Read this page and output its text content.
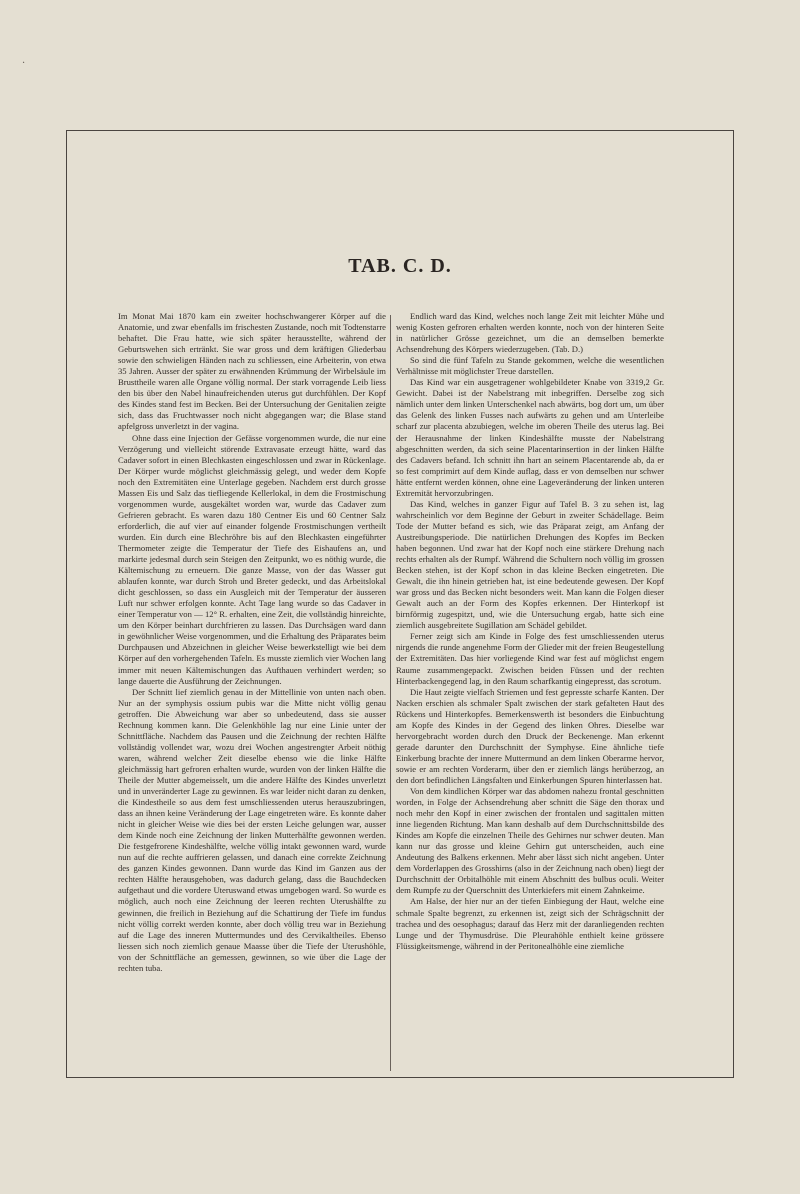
·
TAB. C. D.

Im Monat Mai 1870 kam ein zweiter hochschwangerer Körper auf die Anatomie, und zwar ebenfalls im frischesten Zustande, noch mit Todtenstarre behaftet. Die Frau hatte, wie sich später herausstellte, während der Geburtswehen sich ertränkt. Sie war gross und dem kräftigen Gliederbau sowie den schwieligen Händen nach zu schliessen, eine Arbeiterin, von etwa 35 Jahren. Ausser der später zu erwähnenden Krümmung der Wirbelsäule im Brusttheile waren alle Organe völlig normal. Der stark vorragende Leib liess den bis über den Nabel hinaufreichenden uterus gut durchfühlen. Der Kopf des Kindes stand fest im Becken. Bei der Untersuchung der Genitalien zeigte sich, dass das Fruchtwasser noch nicht abgegangen war; die Blase stand apfelgross unverletzt in der vagina.

Ohne dass eine Injection der Gefässe vorgenommen wurde, die nur eine Verzögerung und vielleicht störende Extravasate erzeugt hätte, ward das Cadaver sofort in einen Blechkasten eingeschlossen und zwar in Rückenlage. Der Körper wurde möglichst gleichmässig gelegt, und weder dem Kopfe noch den Extremitäten eine Unterlage gegeben. Nachdem erst durch grosse Massen Eis und Salz das tiefliegende Kellerlokal, in dem die Frostmischung vorgenommen wurde, ausgekältet worden war, wurde das Cadaver zum Gefrieren gebracht. Es waren dazu 180 Centner Eis und 60 Centner Salz erforderlich, die auf vier auf einander folgende Frostmischungen vertheilt wurden. Ein durch eine Blechröhre bis auf den Blechkasten eingeführter Thermometer zeigte die Temperatur der Tiefe des Eishaufens an, und markirte jedesmal durch sein Steigen den Zeitpunkt, wo es nöthig wurde, die Kältemischung zu erneuern. Die ganze Masse, von der das Wasser gut ablaufen konnte, war durch Stroh und Breter gedeckt, und das Arbeitslokal dicht geschlossen, so dass ein Ausgleich mit der Temperatur der äusseren Luft nur schwer erfolgen konnte. Acht Tage lang wurde so das Cadaver in einer Temperatur von — 12° R. erhalten, eine Zeit, die vollständig hinreichte, um den Körper beinhart durchfrieren zu lassen. Das Durchsägen ward dann in gewöhnlicher Weise vorgenommen, und die Erhaltung des Präparates beim Durchpausen und Abzeichnen in gleicher Weise bewerkstelligt wie bei dem Körper auf den vorhergehenden Tafeln. Es musste ziemlich vier Wochen lang immer mit neuen Kältemischungen das Aufthauen verhindert werden; so lange dauerte die Ausführung der Zeichnungen.

Der Schnitt lief ziemlich genau in der Mittellinie von unten nach oben. Nur an der symphysis ossium pubis war die Mitte nicht völlig genau getroffen. Die Abweichung war aber so unbedeutend, dass sie ausser Rechnung kommen kann. Die Gelenkhöhle lag nur eine Linie unter der Schnittfläche. Nachdem das Pausen und die Zeichnung der rechten Hälfte vollständig vollendet war, wozu drei Wochen angestrengter Arbeit nöthig waren, während welcher Zeit dieselbe ebenso wie die linke Hälfte gleichmässig hart gefroren erhalten wurde, wurden von der linken Hälfte die Theile der Mutter abgemeisselt, um die andere Hälfte des Kindes unverletzt und in unveränderter Lage zu gewinnen. Es war leider nicht daran zu denken, die Kindestheile so aus dem fest umschliessenden uterus herauszubringen, dass an ihnen keine Veränderung der Lage eingetreten wäre. Es konnte daher nicht in gleicher Weise wie dies bei der ersten Leiche gelungen war, ausser dem Kinde noch eine Zeichnung der linken Mutterhälfte gewonnen werden. Die festgefrorene Kindeshälfte, welche völlig intakt gewonnen ward, wurde nun auf die rechte auffrieren gelassen, und danach eine correkte Zeichnung des ganzen Kindes gewonnen. Dann wurde das Kind im Ganzen aus der rechten Hälfte herausgehoben, was dadurch gelang, dass die Bauchdecken aufgethaut und die vordere Uteruswand etwas umgebogen ward. So wurde es möglich, auch noch eine Zeichnung der leeren rechten Uterushälfte zu gewinnen, die freilich in Beziehung auf die Schattirung der Tiefe im fundus nicht völlig correkt werden konnte, aber doch völlig treu war in Beziehung auf die Lage des inneren Muttermundes und des Cervikaltheiles. Ebenso liessen sich noch ziemlich genaue Maasse über die Tiefe der Uterushöhle, von der Schnittfläche an gemessen, gewinnen, so wie über die Lage der rechten tuba.

Endlich ward das Kind, welches noch lange Zeit mit leichter Mühe und wenig Kosten gefroren erhalten werden konnte, noch von der hinteren Seite in natürlicher Grösse gezeichnet, um die an demselben bemerkte Achsendrehung des Körpers wiederzugeben. (Tab. D.)

So sind die fünf Tafeln zu Stande gekommen, welche die wesentlichen Verhältnisse mit möglichster Treue darstellen.

Das Kind war ein ausgetragener wohlgebildeter Knabe von 3319,2 Gr. Gewicht. Dabei ist der Nabelstrang mit inbegriffen. Derselbe zog sich nämlich unter dem linken Unterschenkel nach abwärts, bog dort um, um über das Gelenk des linken Fusses nach aufwärts zu gehen und am Unterleibe scharf zur placenta abzubiegen, welche im oberen Theile des uterus lag. Bei der Herausnahme der linken Kindeshälfte musste der Nabelstrang abgeschnitten werden, da sich seine Placentarinsertion in der linken Hälfte des Cadavers befand. Ich schnitt ihn hart an seinem Placentarende ab, da er so fest comprimirt auf dem Kinde auflag, dass er von demselben nur schwer hätte entfernt werden können, ohne eine Lageveränderung der linken unteren Extremität hervorzubringen.

Das Kind, welches in ganzer Figur auf Tafel B. 3 zu sehen ist, lag wahrscheinlich vor dem Beginne der Geburt in zweiter Schädellage. Beim Tode der Mutter befand es sich, wie das Präparat zeigt, am Anfang der Austreibungsperiode. Die natürlichen Drehungen des Kopfes im Becken haben begonnen. Und zwar hat der Kopf noch eine stärkere Drehung nach rechts erhalten als der Rumpf. Während die Schultern noch völlig im grossen Becken stehen, ist der Kopf schon in das kleine Becken eingetreten. Die Gewalt, die ihn hinein getrieben hat, ist eine bedeutende gewesen. Der Kopf war gross und das Becken nicht besonders weit. Man kann die Folgen dieser Gewalt auch an der Form des Kopfes erkennen. Der Hinterkopf ist birnförmig zugespitzt, und, wie die Untersuchung ergab, hatte sich eine ziemlich ausgebreitete Sugillation am Schädel gebildet.

Ferner zeigt sich am Kinde in Folge des fest umschliessenden uterus nirgends die runde angenehme Form der Glieder mit der freien Beugestellung der Extremitäten. Das hier vorliegende Kind war fest auf möglichst engem Raume zusammengepackt. Zwischen beiden Füssen und der rechten Hinterbackengegend lag, in den Raum scharfkantig eingepresst, das scrotum.

Die Haut zeigte vielfach Striemen und fest gepresste scharfe Kanten. Der Nacken erschien als schmaler Spalt zwischen der stark gefalteten Haut des Rückens und Hinterkopfes. Bemerkenswerth ist besonders die Einbuchtung am Kopfe des Kindes in der Gegend des linken Ohres. Dieselbe war hervorgebracht worden durch den Druck der Beckenenge. Man erkennt gerade darunter den Durchschnitt der Symphyse. Eine ähnliche tiefe Einkerbung brachte der innere Muttermund an dem linken Oberarme hervor, sowie er am rechten Vorderarm, über den er ziemlich längs herüberzog, an den dort befindlichen Längsfalten und Einkerbungen Spuren hinterlassen hat.

Von dem kindlichen Körper war das abdomen nahezu frontal geschnitten worden, in Folge der Achsendrehung aber schnitt die Säge den thorax und noch mehr den Kopf in einer zwischen der frontalen und sagittalen mitten inne liegenden Richtung. Man kann deshalb auf dem Durchschnittsbilde des Kindes am Kopfe die einzelnen Theile des Gehirnes nur schwer deuten. Man kann nur das grosse und kleine Gehirn gut unterscheiden, auch eine Andeutung des Balkens erkennen. Mehr aber lässt sich nicht angeben. Unter dem Vorderlappen des Grosshirns (also in der Zeichnung nach oben) liegt der Durchschnitt der Orbitalhöhle mit einem Abschnitt des bulbus oculi. Weiter dem Rumpfe zu der Querschnitt des Unterkiefers mit einem Zahnkeime.

Am Halse, der hier nur an der tiefen Einbiegung der Haut, welche eine schmale Spalte begrenzt, zu erkennen ist, zeigt sich der Schrägschnitt der trachea und des oesophagus; darauf das Herz mit der daranliegenden rechten Lunge und der Thymusdrüse. Die Pleurahöhle enthielt keine grössere Flüssigkeitsmenge, während in der Peritonealhöhle eine ziemliche
